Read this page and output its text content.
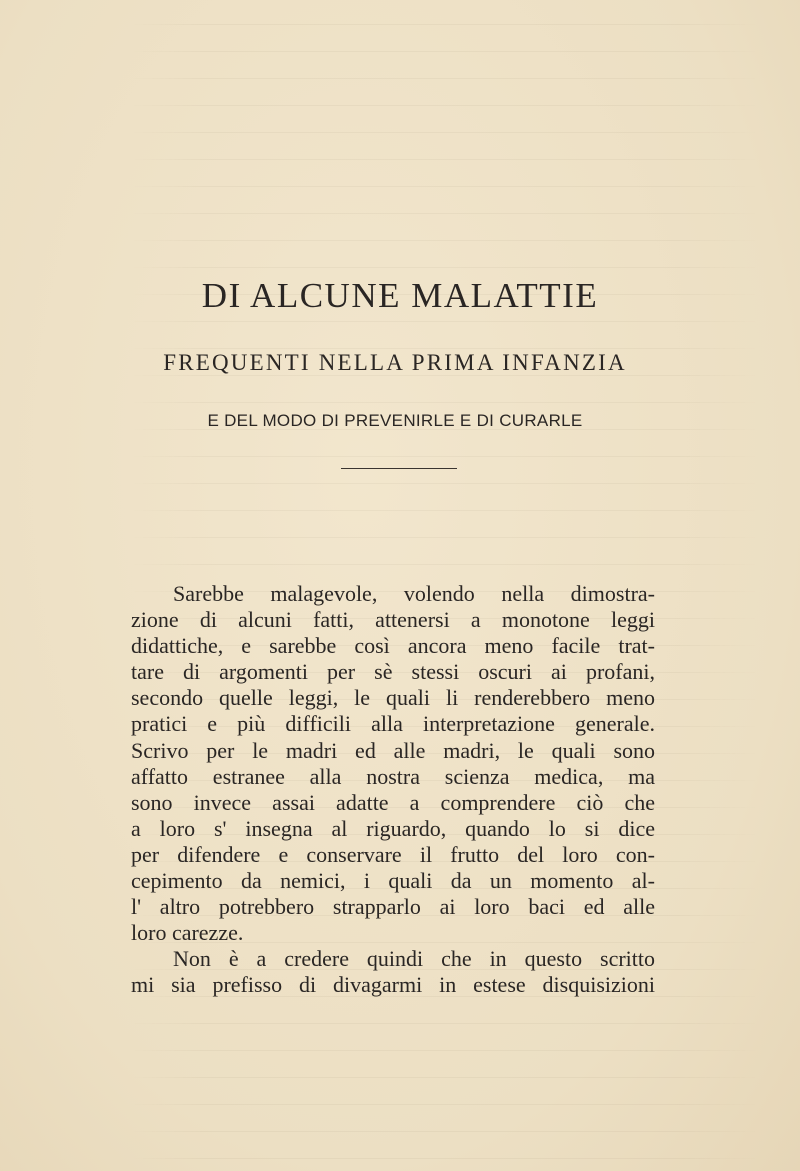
DI ALCUNE MALATTIE
FREQUENTI NELLA PRIMA INFANZIA
E DEL MODO DI PREVENIRLE E DI CURARLE

Sarebbe malagevole, volendo nella dimostra-
zione di alcuni fatti, attenersi a monotone leggi
didattiche, e sarebbe così ancora meno facile trat-
tare di argomenti per sè stessi oscuri ai profani,
secondo quelle leggi, le quali li renderebbero meno
pratici e più difficili alla interpretazione generale.
Scrivo per le madri ed alle madri, le quali sono
affatto estranee alla nostra scienza medica, ma
sono invece assai adatte a comprendere ciò che
a loro s' insegna al riguardo, quando lo si dice
per difendere e conservare il frutto del loro con-
cepimento da nemici, i quali da un momento al-
l' altro potrebbero strapparlo ai loro baci ed alle
loro carezze.

Non è a credere quindi che in questo scritto
mi sia prefisso di divagarmi in estese disquisizioni
